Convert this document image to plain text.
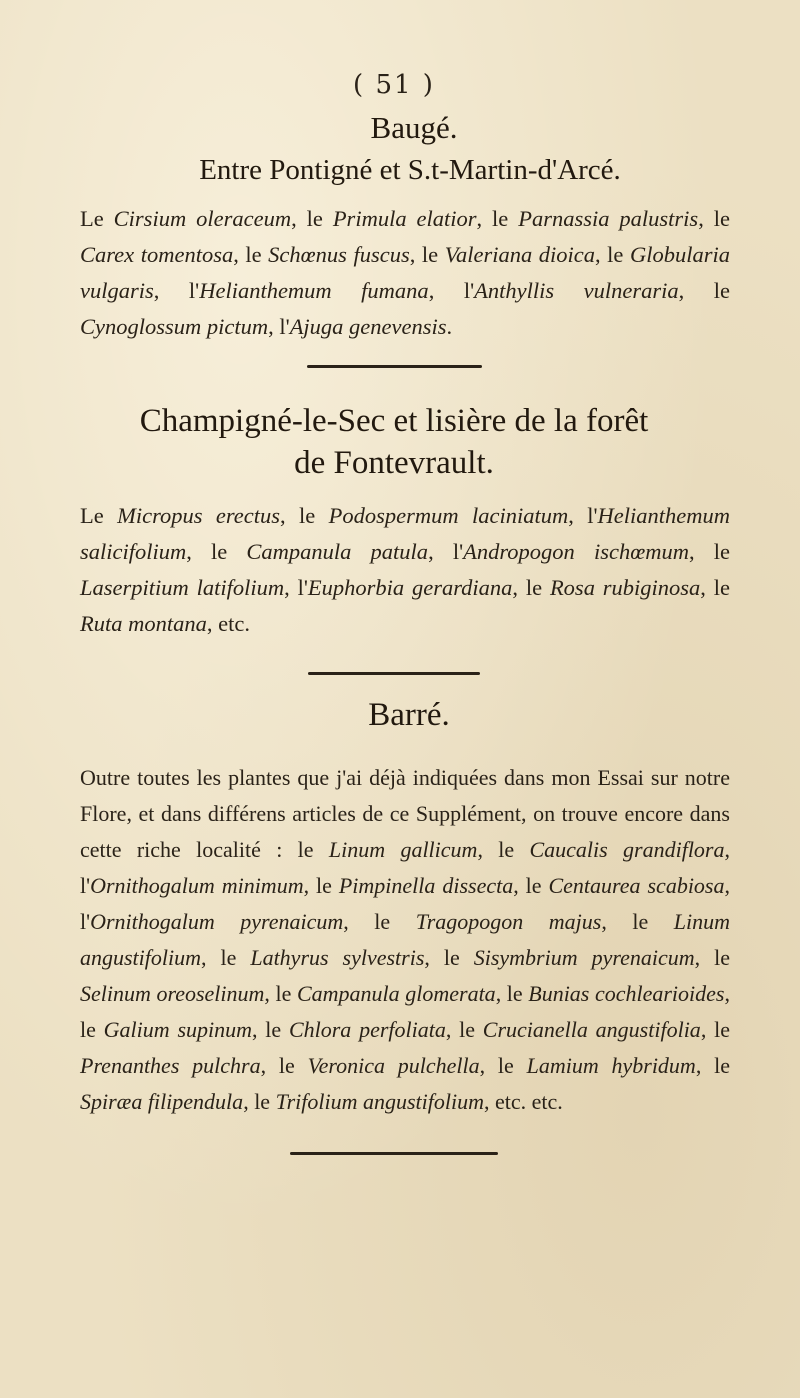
( 51 )
Baugé.
Entre Pontigné et S.t-Martin-d'Arcé.

Le Cirsium oleraceum, le Primula elatior, le Parnassia palustris, le Carex tomentosa, le Schœnus fuscus, le Valeriana dioica, le Globularia vulgaris, l'Helianthemum fumana, l'Anthyllis vulneraria, le Cynoglossum pictum, l'Ajuga genevensis.

Champigné-le-Sec et lisière de la forêt
de Fontevrault.

Le Micropus erectus, le Podospermum laciniatum, l'Helianthemum salicifolium, le Campanula patula, l'Andropogon ischœmum, le Laserpitium latifolium, l'Euphorbia gerardiana, le Rosa rubiginosa, le Ruta montana, etc.

Barré.

Outre toutes les plantes que j'ai déjà indiquées dans mon Essai sur notre Flore, et dans différens articles de ce Supplément, on trouve encore dans cette riche localité : le Linum gallicum, le Caucalis grandiflora, l'Ornithogalum minimum, le Pimpinella dissecta, le Centaurea scabiosa, l'Ornithogalum pyrenaicum, le Tragopogon majus, le Linum angustifolium, le Lathyrus sylvestris, le Sisymbrium pyrenaicum, le Selinum oreoselinum, le Campanula glomerata, le Bunias cochlearioides, le Galium supinum, le Chlora perfoliata, le Crucianella angustifolia, le Prenanthes pulchra, le Veronica pulchella, le Lamium hybridum, le Spiræa filipendula, le Trifolium angustifolium, etc. etc.
